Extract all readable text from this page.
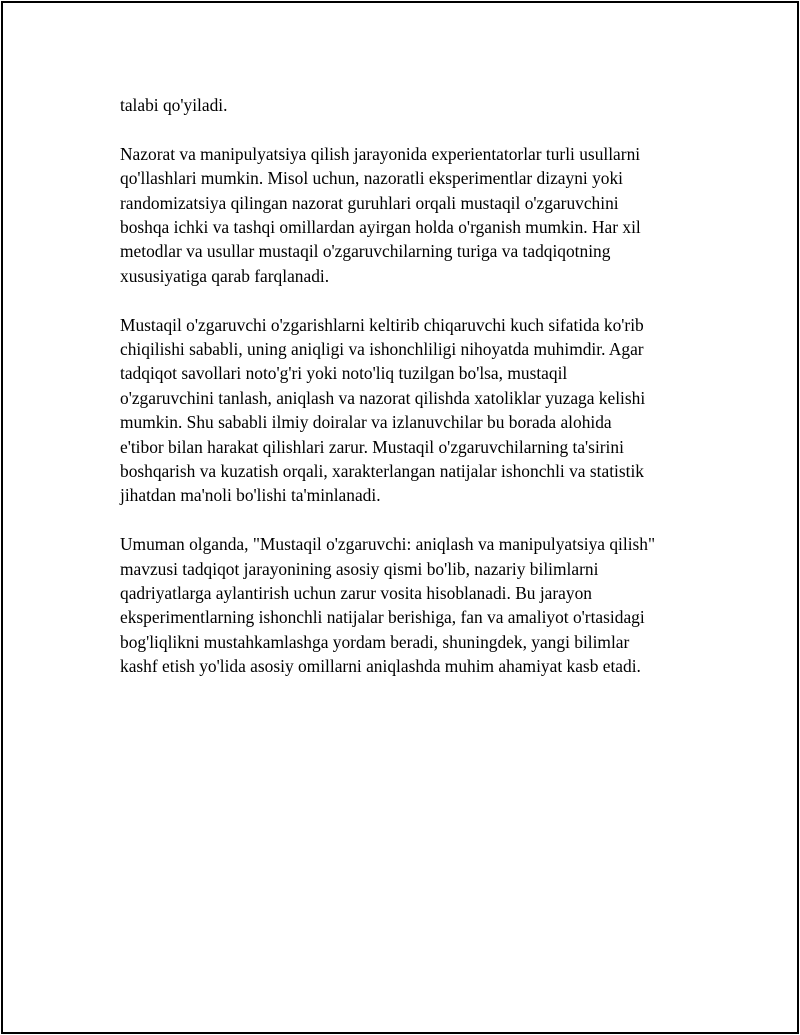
talabi qo'yiladi.

Nazorat va manipulyatsiya qilish jarayonida experientatorlar turli usullarni
qo'llashlari mumkin. Misol uchun, nazoratli eksperimentlar dizayni yoki
randomizatsiya qilingan nazorat guruhlari orqali mustaqil o'zgaruvchini
boshqa ichki va tashqi omillardan ayirgan holda o'rganish mumkin. Har xil
metodlar va usullar mustaqil o'zgaruvchilarning turiga va tadqiqotning
xususiyatiga qarab farqlanadi.

Mustaqil o'zgaruvchi o'zgarishlarni keltirib chiqaruvchi kuch sifatida ko'rib
chiqilishi sababli, uning aniqligi va ishonchliligi nihoyatda muhimdir. Agar
tadqiqot savollari noto'g'ri yoki noto'liq tuzilgan bo'lsa, mustaqil
o'zgaruvchini tanlash, aniqlash va nazorat qilishda xatoliklar yuzaga kelishi
mumkin. Shu sababli ilmiy doiralar va izlanuvchilar bu borada alohida
e'tibor bilan harakat qilishlari zarur. Mustaqil o'zgaruvchilarning ta'sirini
boshqarish va kuzatish orqali, xarakterlangan natijalar ishonchli va statistik
jihatdan ma'noli bo'lishi ta'minlanadi.

Umuman olganda, "Mustaqil o'zgaruvchi: aniqlash va manipulyatsiya qilish"
mavzusi tadqiqot jarayonining asosiy qismi bo'lib, nazariy bilimlarni
qadriyatlarga aylantirish uchun zarur vosita hisoblanadi. Bu jarayon
eksperimentlarning ishonchli natijalar berishiga, fan va amaliyot o'rtasidagi
bog'liqlikni mustahkamlashga yordam beradi, shuningdek, yangi bilimlar
kashf etish yo'lida asosiy omillarni aniqlashda muhim ahamiyat kasb etadi.
